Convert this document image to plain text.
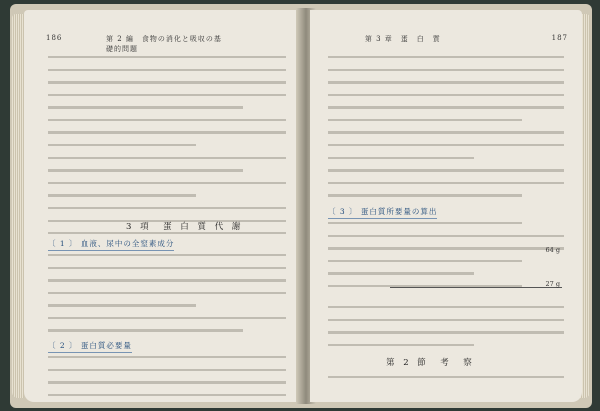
186	第 2 編　食物の消化と吸収の基礎的問題
3 項　蛋 白 質 代 謝
〔 1 〕 血液、尿中の全窒素成分
〔 2 〕 蛋白質必要量
第 3 章　蛋　白　質	187
〔 3 〕 蛋白質所要量の算出
64 g
27 g
第 2 節　考　察
